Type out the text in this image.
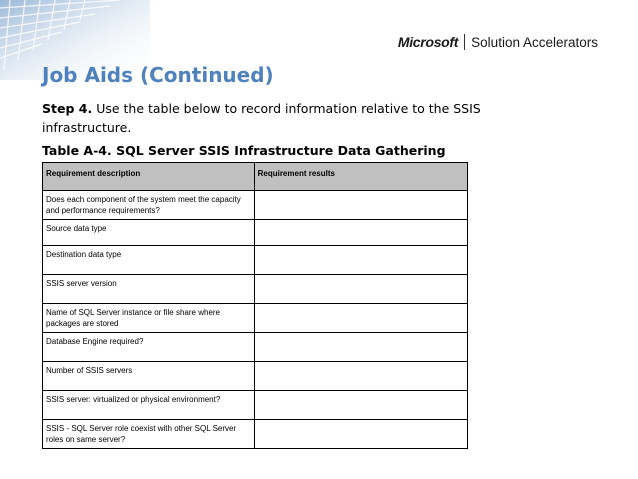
Microsoft Solution Accelerators
Job Aids (Continued)
Step 4. Use the table below to record information relative to the SSIS infrastructure.
Table A-4. SQL Server SSIS Infrastructure Data Gathering
Requirement description	Requirement results
Does each component of the system meet the capacity and performance requirements?	
Source data type	
Destination data type	
SSIS server version	
Name of SQL Server instance or file share where packages are stored	
Database Engine required?	
Number of SSIS servers	
SSIS server: virtualized or physical environment?	
SSIS - SQL Server role coexist with other SQL Server roles on same server?	
